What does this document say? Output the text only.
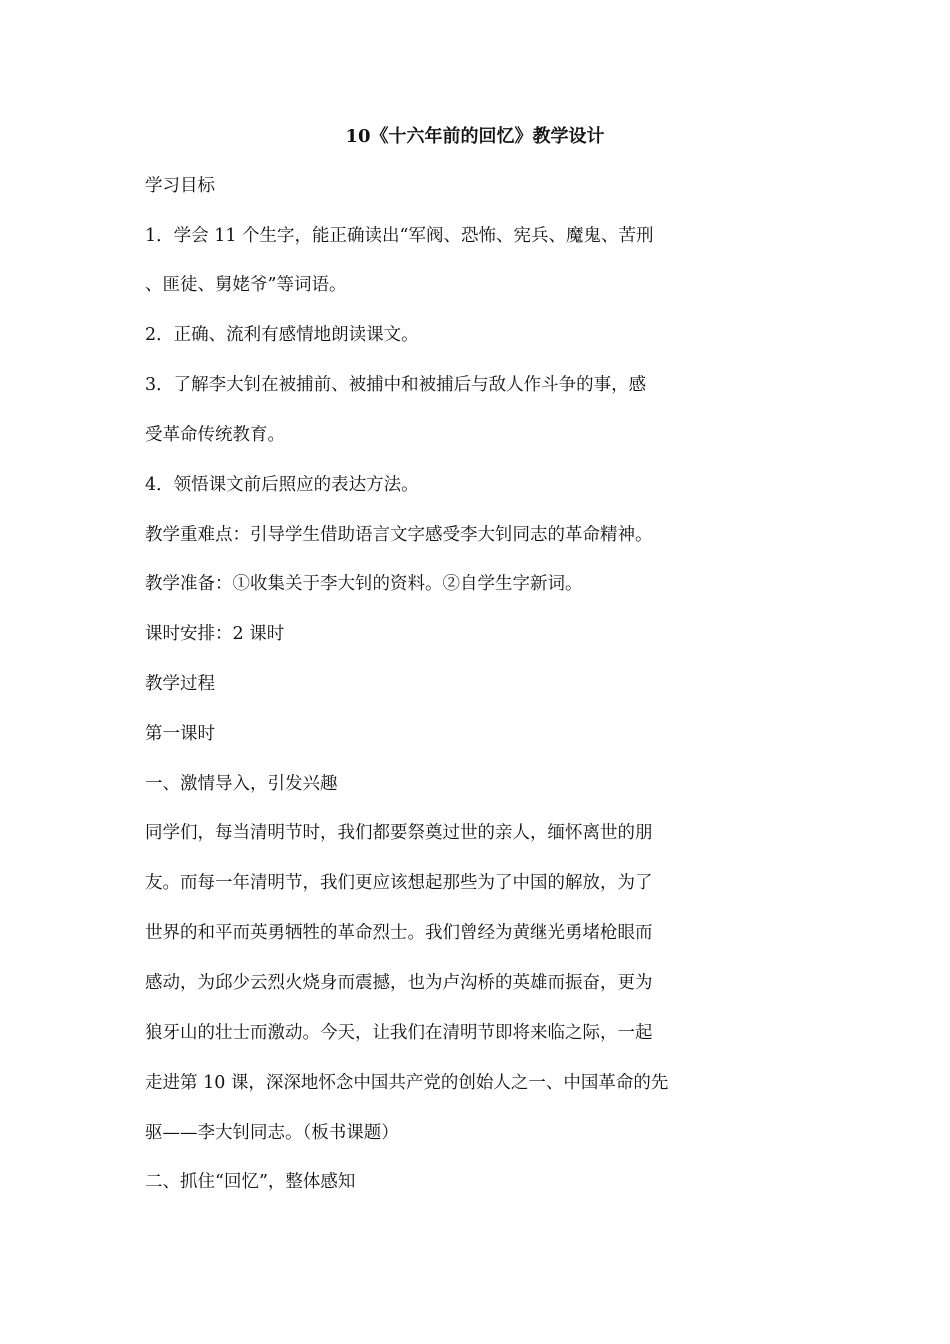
10《十六年前的回忆》教学设计
学习目标
1．学会 11 个生字，能正确读出“军阀、恐怖、宪兵、魔鬼、苦刑
、匪徒、舅姥爷”等词语。
2．正确、流利有感情地朗读课文。
3．了解李大钊在被捕前、被捕中和被捕后与敌人作斗争的事，感
受革命传统教育。
4．领悟课文前后照应的表达方法。
教学重难点：引导学生借助语言文字感受李大钊同志的革命精神。
教学准备：①收集关于李大钊的资料。②自学生字新词。
课时安排：2 课时
教学过程
第一课时
一、激情导入，引发兴趣
同学们，每当清明节时，我们都要祭奠过世的亲人，缅怀离世的朋
友。而每一年清明节，我们更应该想起那些为了中国的解放，为了
世界的和平而英勇牺牲的革命烈士。我们曾经为黄继光勇堵枪眼而
感动，为邱少云烈火烧身而震撼，也为卢沟桥的英雄而振奋，更为
狼牙山的壮士而激动。今天，让我们在清明节即将来临之际，一起
走进第 10 课，深深地怀念中国共产党的创始人之一、中国革命的先
驱——李大钊同志。（板书课题）
二、抓住“回忆”，整体感知
